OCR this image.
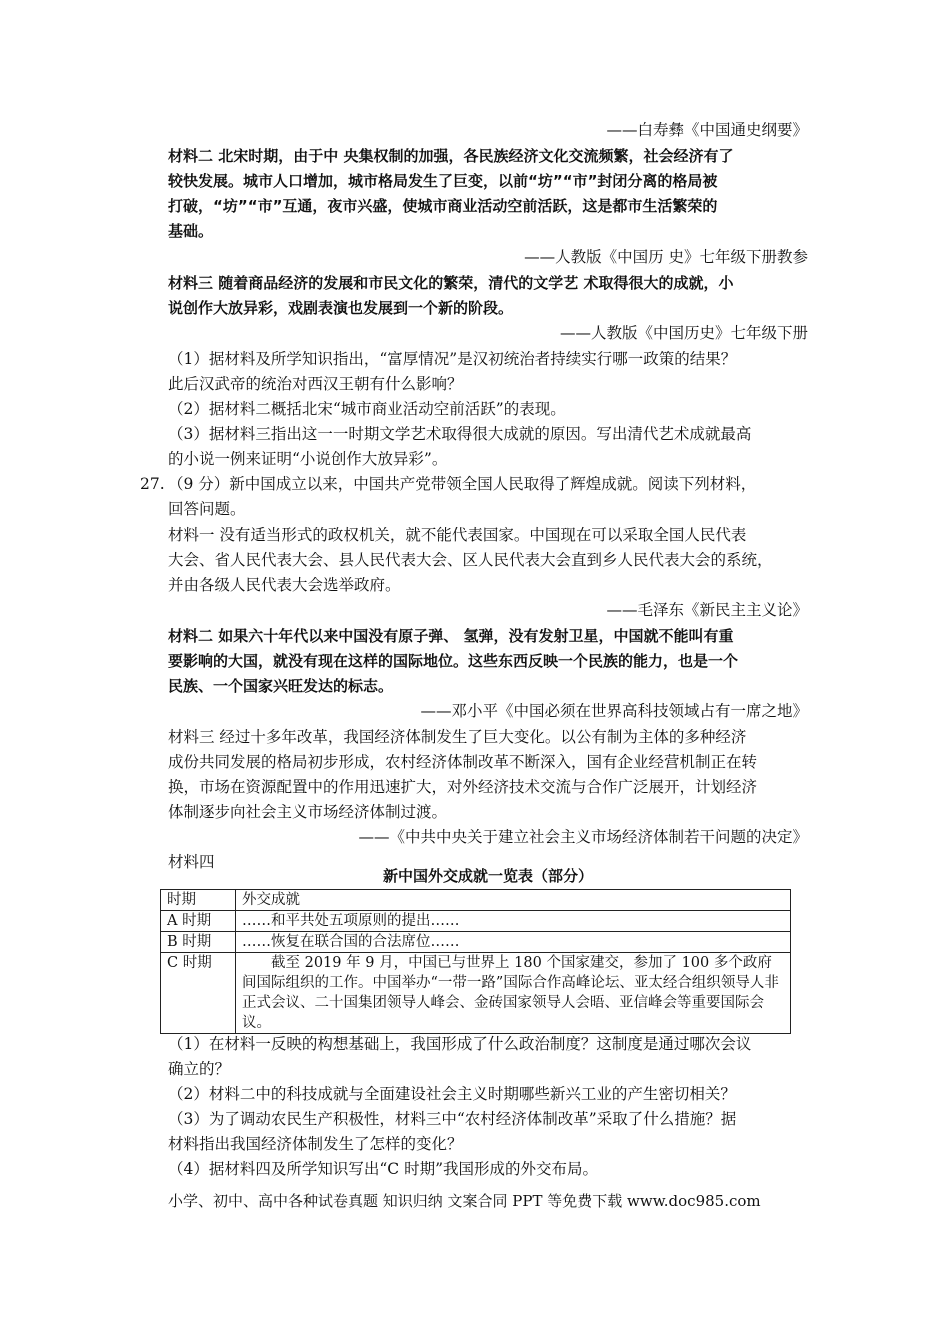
——白寿彝《中国通史纲要》
材料二 北宋时期，由于中 央集权制的加强，各民族经济文化交流频繁，社会经济有了
较快发展。城市人口增加，城市格局发生了巨变，以前“坊”“市”封闭分离的格局被
打破，“坊”“市”互通，夜市兴盛，使城市商业活动空前活跃，这是都市生活繁荣的
基础。
——人教版《中国历 史》七年级下册教参
材料三 随着商品经济的发展和市民文化的繁荣，清代的文学艺 术取得很大的成就，小
说创作大放异彩，戏剧表演也发展到一个新的阶段。
——人教版《中国历史》七年级下册
（1）据材料及所学知识指出，“富厚情况”是汉初统治者持续实行哪一政策的结果？
此后汉武帝的统治对西汉王朝有什么影响？
（2）据材料二概括北宋“城市商业活动空前活跃”的表现。
（3）据材料三指出这一一时期文学艺术取得很大成就的原因。写出清代艺术成就最高
的小说一例来证明“小说创作大放异彩”。
27. （9 分）新中国成立以来，中国共产党带领全国人民取得了辉煌成就。阅读下列材料，
回答问题。
材料一 没有适当形式的政权机关，就不能代表国家。中国现在可以采取全国人民代表
大会、省人民代表大会、县人民代表大会、区人民代表大会直到乡人民代表大会的系统，
并由各级人民代表大会选举政府。
——毛泽东《新民主主义论》
材料二 如果六十年代以来中国没有原子弹、 氢弹，没有发射卫星，中国就不能叫有重
要影响的大国，就没有现在这样的国际地位。这些东西反映一个民族的能力，也是一个
民族、一个国家兴旺发达的标志。
——邓小平《中国必须在世界高科技领域占有一席之地》
材料三 经过十多年改革，我国经济体制发生了巨大变化。以公有制为主体的多种经济
成份共同发展的格局初步形成，农村经济体制改革不断深入，国有企业经营机制正在转
换，市场在资源配置中的作用迅速扩大，对外经济技术交流与合作广泛展开，计划经济
体制逐步向社会主义市场经济体制过渡。
——《中共中央关于建立社会主义市场经济体制若干问题的决定》
材料四
新中国外交成就一览表（部分）
时期	外交成就
A 时期	……和平共处五项原则的提出……
B 时期	……恢复在联合国的合法席位……
C 时期	截至 2019 年 9 月，中国已与世界上 180 个国家建交，参加了 100 多个政府间国际组织的工作。中国举办“一带一路”国际合作高峰论坛、亚太经合组织领导人非正式会议、二十国集团领导人峰会、金砖国家领导人会晤、亚信峰会等重要国际会议。
（1）在材料一反映的构想基础上，我国形成了什么政治制度？这制度是通过哪次会议
确立的？
（2）材料二中的科技成就与全面建设社会主义时期哪些新兴工业的产生密切相关？
（3）为了调动农民生产积极性，材料三中“农村经济体制改革”采取了什么措施？据
材料指出我国经济体制发生了怎样的变化？
（4）据材料四及所学知识写出“C 时期”我国形成的外交布局。
小学、初中、高中各种试卷真题 知识归纳 文案合同 PPT 等免费下载 www.doc985.com
